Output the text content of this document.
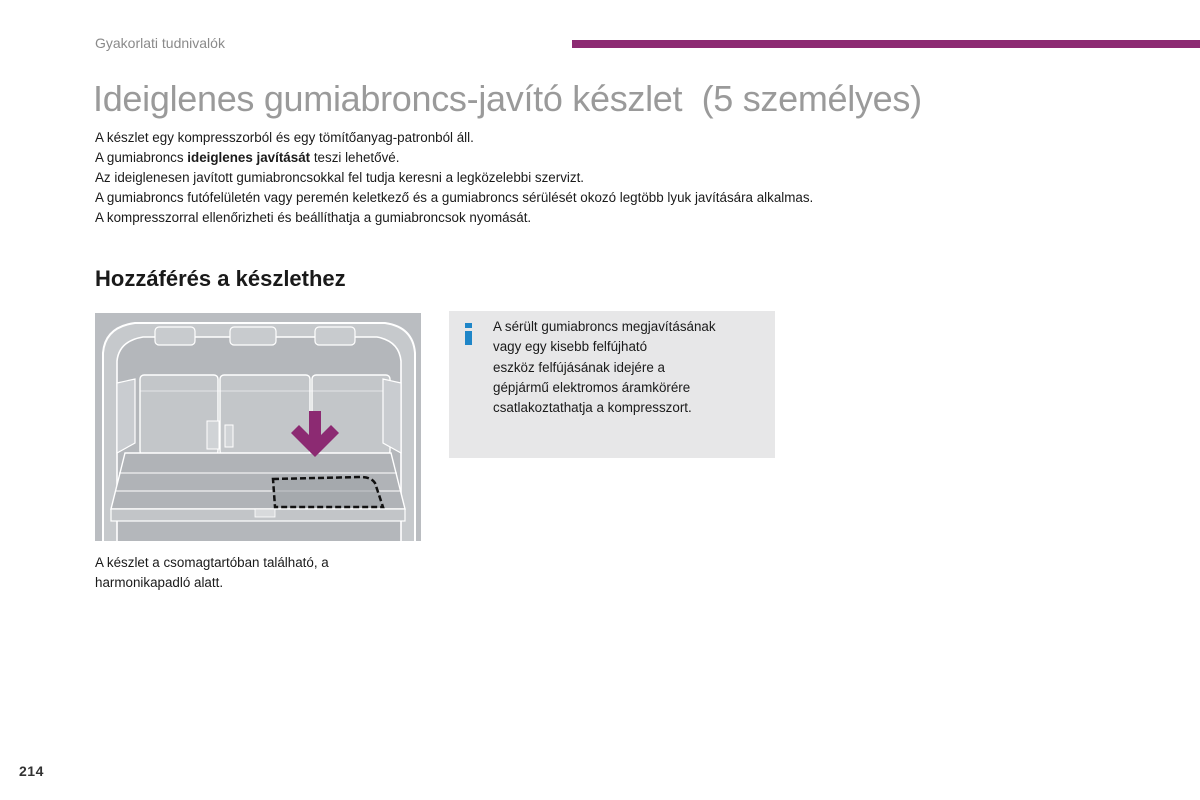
Gyakorlati tudnivalók
Ideiglenes gumiabroncs-javító készlet  (5 személyes)

A készlet egy kompresszorból és egy tömítőanyag-patronból áll.

A gumiabroncs ideiglenes javítását teszi lehetővé.

Az ideiglenesen javított gumiabroncsokkal fel tudja keresni a legközelebbi szervizt.

A gumiabroncs futófelületén vagy peremén keletkező és a gumiabroncs sérülését okozó legtöbb lyuk javítására alkalmas.

A kompresszorral ellenőrizheti és beállíthatja a gumiabroncsok nyomását.

Hozzáférés a készlethez
A készlet a csomagtartóban található, a harmonikapadló alatt.

A sérült gumiabroncs megjavításának

vagy egy kisebb felfújható

eszköz felfújásának idejére a

gépjármű elektromos áramkörére

csatlakoztathatja a kompresszort.

214
